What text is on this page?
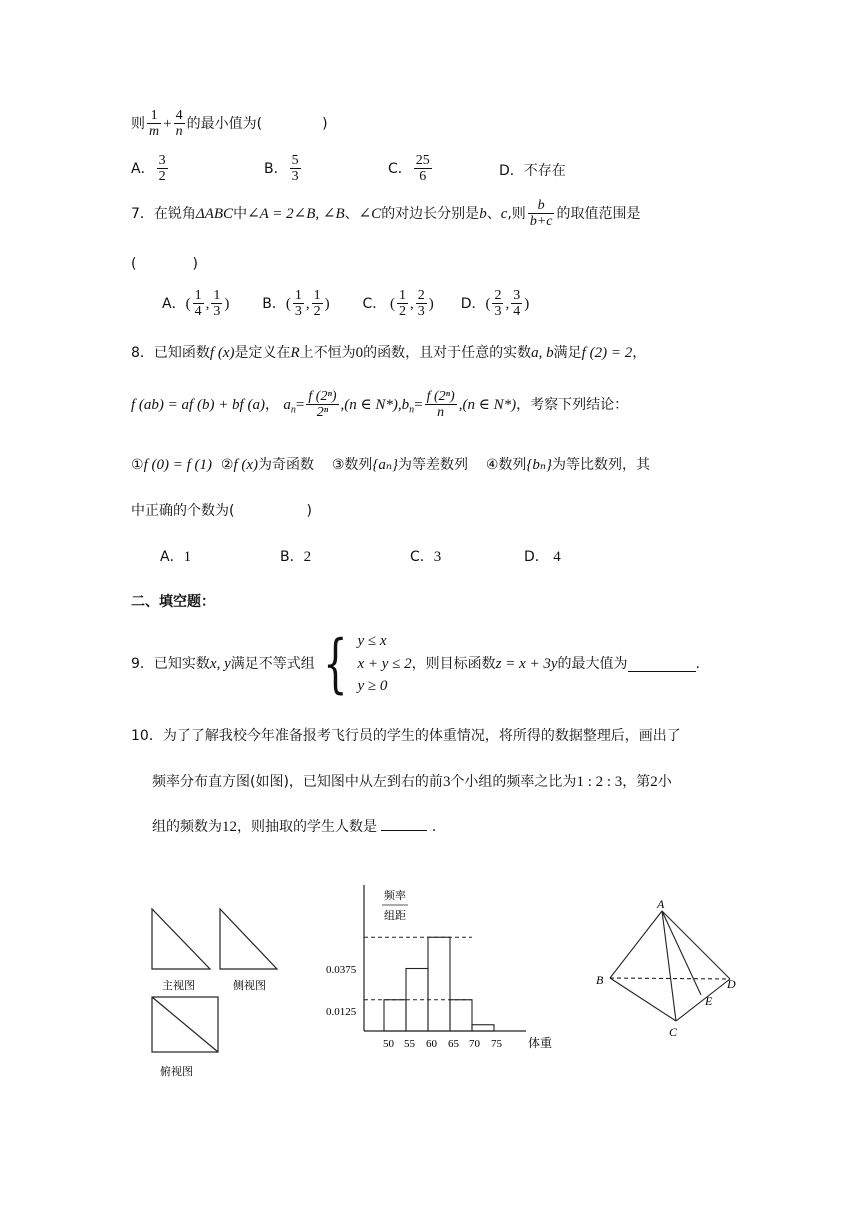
则 $\frac{1}{m} + \frac{4}{n}$ 的最小值为(	)
A． $\frac{3}{2}$	B． $\frac{5}{3}$	C． $\frac{25}{6}$	D．不存在
7．在锐角ΔABC中∠A = 2∠B, ∠B、∠C的对边长分别是b、c,则 $\frac{b}{b+c}$ 的取值范围是
(　　　　)
A．( $\frac{1}{4}$ , $\frac{1}{3}$ ) B．( $\frac{1}{3}$ , $\frac{1}{2}$ ) C． ( $\frac{1}{2}$ , $\frac{2}{3}$ ) D．( $\frac{2}{3}$ , $\frac{3}{4}$ )
8．已知函数f (x)是定义在R上不恒为0的函数，且对于任意的实数a, b满足f (2) = 2，
f (ab) = af (b) + bf (a)， $a_n= \frac{\text{f (2ⁿ)}}{\text{2ⁿ}} ,(n$ ∈ $N*),b_n= \frac{\text{f (2ⁿ)}}{n} ,(n$ ∈ N*)，考察下列结论：
①f (0) = f (1) ②f (x)为奇函数 ③数列{aₙ}为等差数列 ④数列{bₙ}为等比数列，其
中正确的个数为(	)
A．1	B．2	C．3	D． 4
二、填空题：
9．已知实数 x, y 满足不等式组 { y ≤ x
x + y ≤ 2
y ≥ 0
，则目标函数 z = x + 3y 的最大值为	.
10．为了了解我校今年准备报考飞行员的学生的体重情况，将所得的数据整理后，画出了
频率分布直方图(如图)，已知图中从左到右的前3个小组的频率之比为1 : 2 : 3，第2小
组的频数为12，则抽取的学生人数是	.
主视图	侧视图
俯视图
频率
组距
0.0375
0.0125
50 55 60 65 70 75 体重
A
B
C
D
E
